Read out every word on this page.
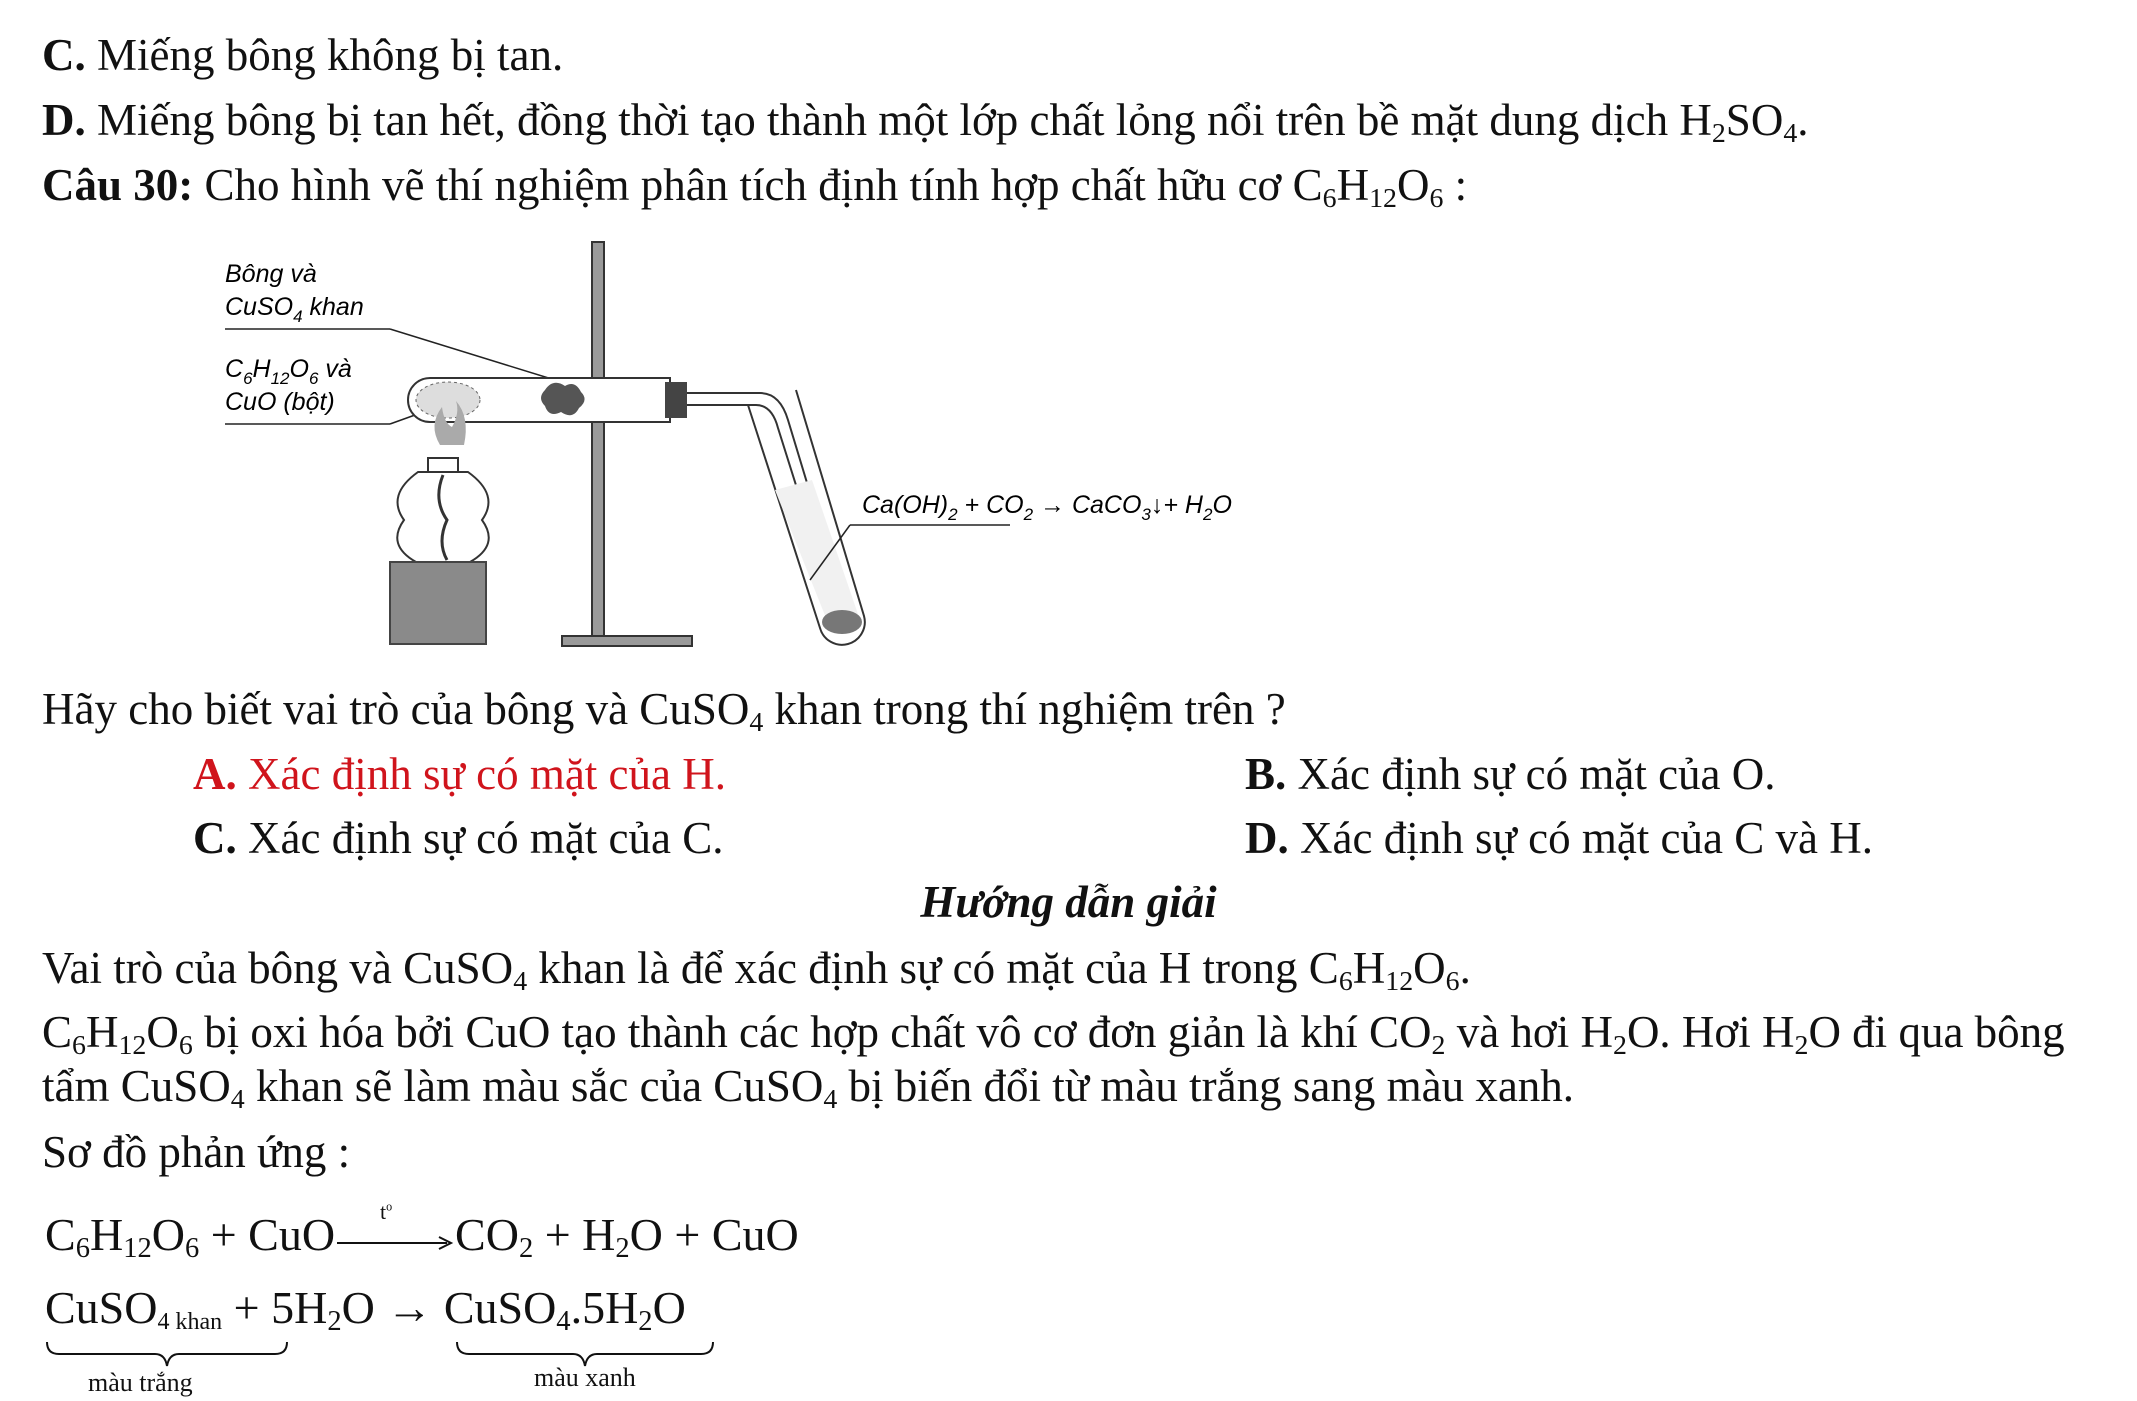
C. Miếng bông không bị tan.
D. Miếng bông bị tan hết, đồng thời tạo thành một lớp chất lỏng nổi trên bề mặt dung dịch $H_2SO_4$.
Câu 30: Cho hình vẽ thí nghiệm phân tích định tính hợp chất hữu cơ $C_6H_{12}O_6$ :
Bông và
CuSO$_4$ khan
$C_6H_{12}O_6$ và
CuO (bột)
$Ca(OH)_2 + CO_2$ → CaCO$_3$↓+ $H_2O$
Hãy cho biết vai trò của bông và CuSO$_4$ khan trong thí nghiệm trên ?
A. Xác định sự có mặt của H.	B. Xác định sự có mặt của O.
C. Xác định sự có mặt của C.	D. Xác định sự có mặt của C và H.
Hướng dẫn giải
Vai trò của bông và CuSO$_4$ khan là để xác định sự có mặt của H trong $C_6H_{12}O_6$.
$C_6H_{12}O_6$ bị oxi hóa bởi CuO tạo thành các hợp chất vô cơ đơn giản là khí $CO_2$ và hơi $H_2O$. Hơi $H_2O$ đi qua bông
tẩm CuSO$_4$ khan sẽ làm màu sắc của CuSO$_4$ bị biến đổi từ màu trắng sang màu xanh.
Sơ đồ phản ứng :
$C_6H_{12}O_6$ + CuO $t^o$
$CO_2 + H_2O$ + CuO
CuSO$_{4 khan}$ + $5H_2O$ → $CuSO_4.5H_2O$
màu trắng	màu xanh
